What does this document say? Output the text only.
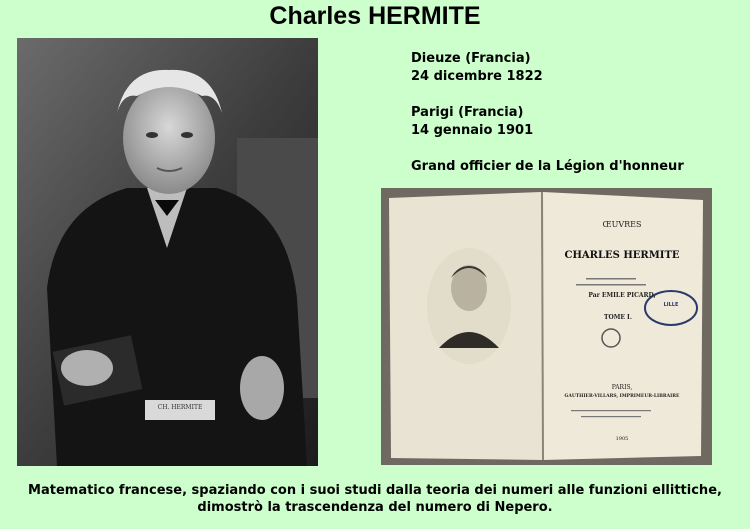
Charles HERMITE
CH. HERMITE
Dieuze (Francia)
24 dicembre 1822
Parigi (Francia)
14 gennaio 1901
Grand officier de la Légion d'honneur
ŒUVRES
CHARLES HERMITE
Par EMILE PICARD,
TOME I.
LILLE
PARIS,
GAUTHIER-VILLARS, IMPRIMEUR-LIBRAIRE
1905
Matematico francese, spaziando con i suoi studi dalla teoria dei numeri alle funzioni ellittiche,
dimostrò la trascendenza del numero di Nepero.
